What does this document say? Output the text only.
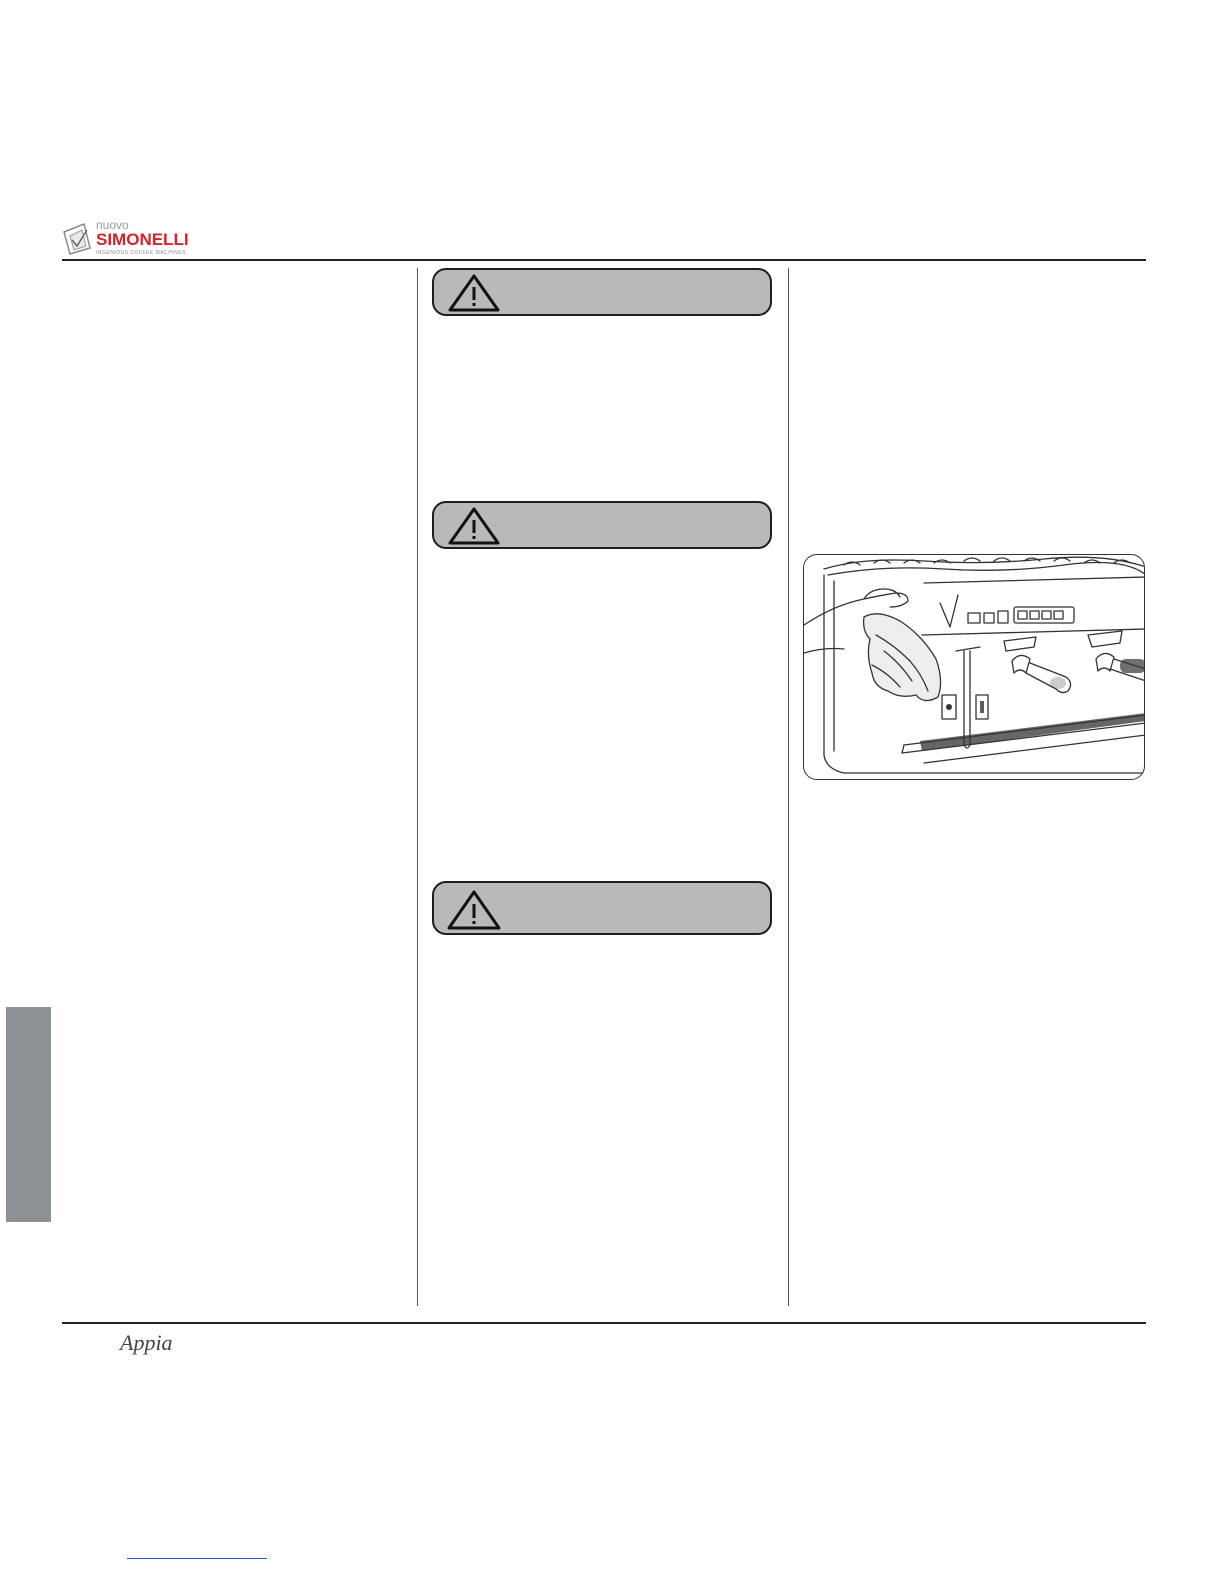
nuovo
SIMONELLI
INGENIOUS COFFEE MACHINES
Appia
